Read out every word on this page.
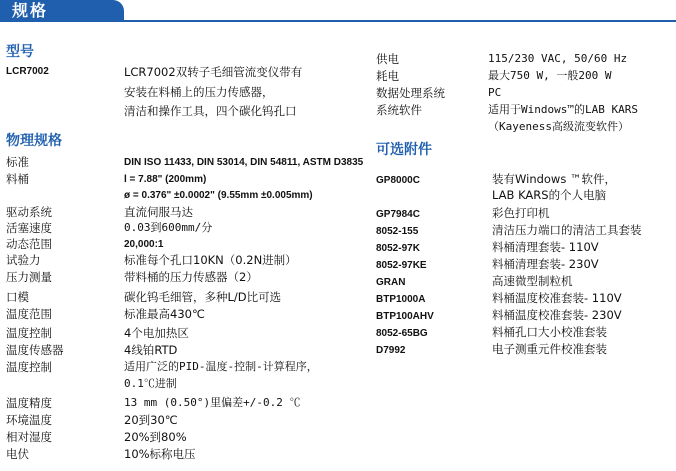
规格
型号
LCR7002	LCR7002双转子毛细管流变仪带有
安装在料桶上的压力传感器，
清洁和操作工具，四个碳化钨孔口
物理规格
标准	DIN ISO 11433, DIN 53014, DIN 54811, ASTM D3835
料桶	l = 7.88" (200mm)
ø = 0.376" ±0.0002" (9.55mm ±0.005mm)
驱动系统	直流伺服马达
活塞速度	0.03到600mm/分
动态范围	20,000:1
试验力	标准每个孔口10KN（0.2N进制）
压力测量	带料桶的压力传感器（2）
口模	碳化钨毛细管，多种L/D比可选
温度范围	标准最高430℃
温度控制	4个电加热区
温度传感器	4线铂RTD
温度控制	适用广泛的PID-温度-控制-计算程序，
0.1℃进制
温度精度	13 mm (0.50°)里偏差+/-0.2 ℃
环境温度	20到30℃
相对湿度	20%到80%
电伏	10%标称电压
供电	115/230 VAC, 50/60 Hz
耗电	最大750 W, 一般200 W
数据处理系统	PC
系统软件	适用于Windows™的LAB KARS
（Kayeness高级流变软件）
可选附件
GP8000C	装有Windows ™软件，
LAB KARS的个人电脑
GP7984C	彩色打印机
8052-155	清洁压力端口的清洁工具套装
8052-97K	料桶清理套装- 110V
8052-97KE	料桶清理套装- 230V
GRAN	高速微型制粒机
BTP1000A	料桶温度校准套装- 110V
BTP100AHV	料桶温度校准套装- 230V
8052-65BG	料桶孔口大小校准套装
D7992	电子测重元件校准套装
